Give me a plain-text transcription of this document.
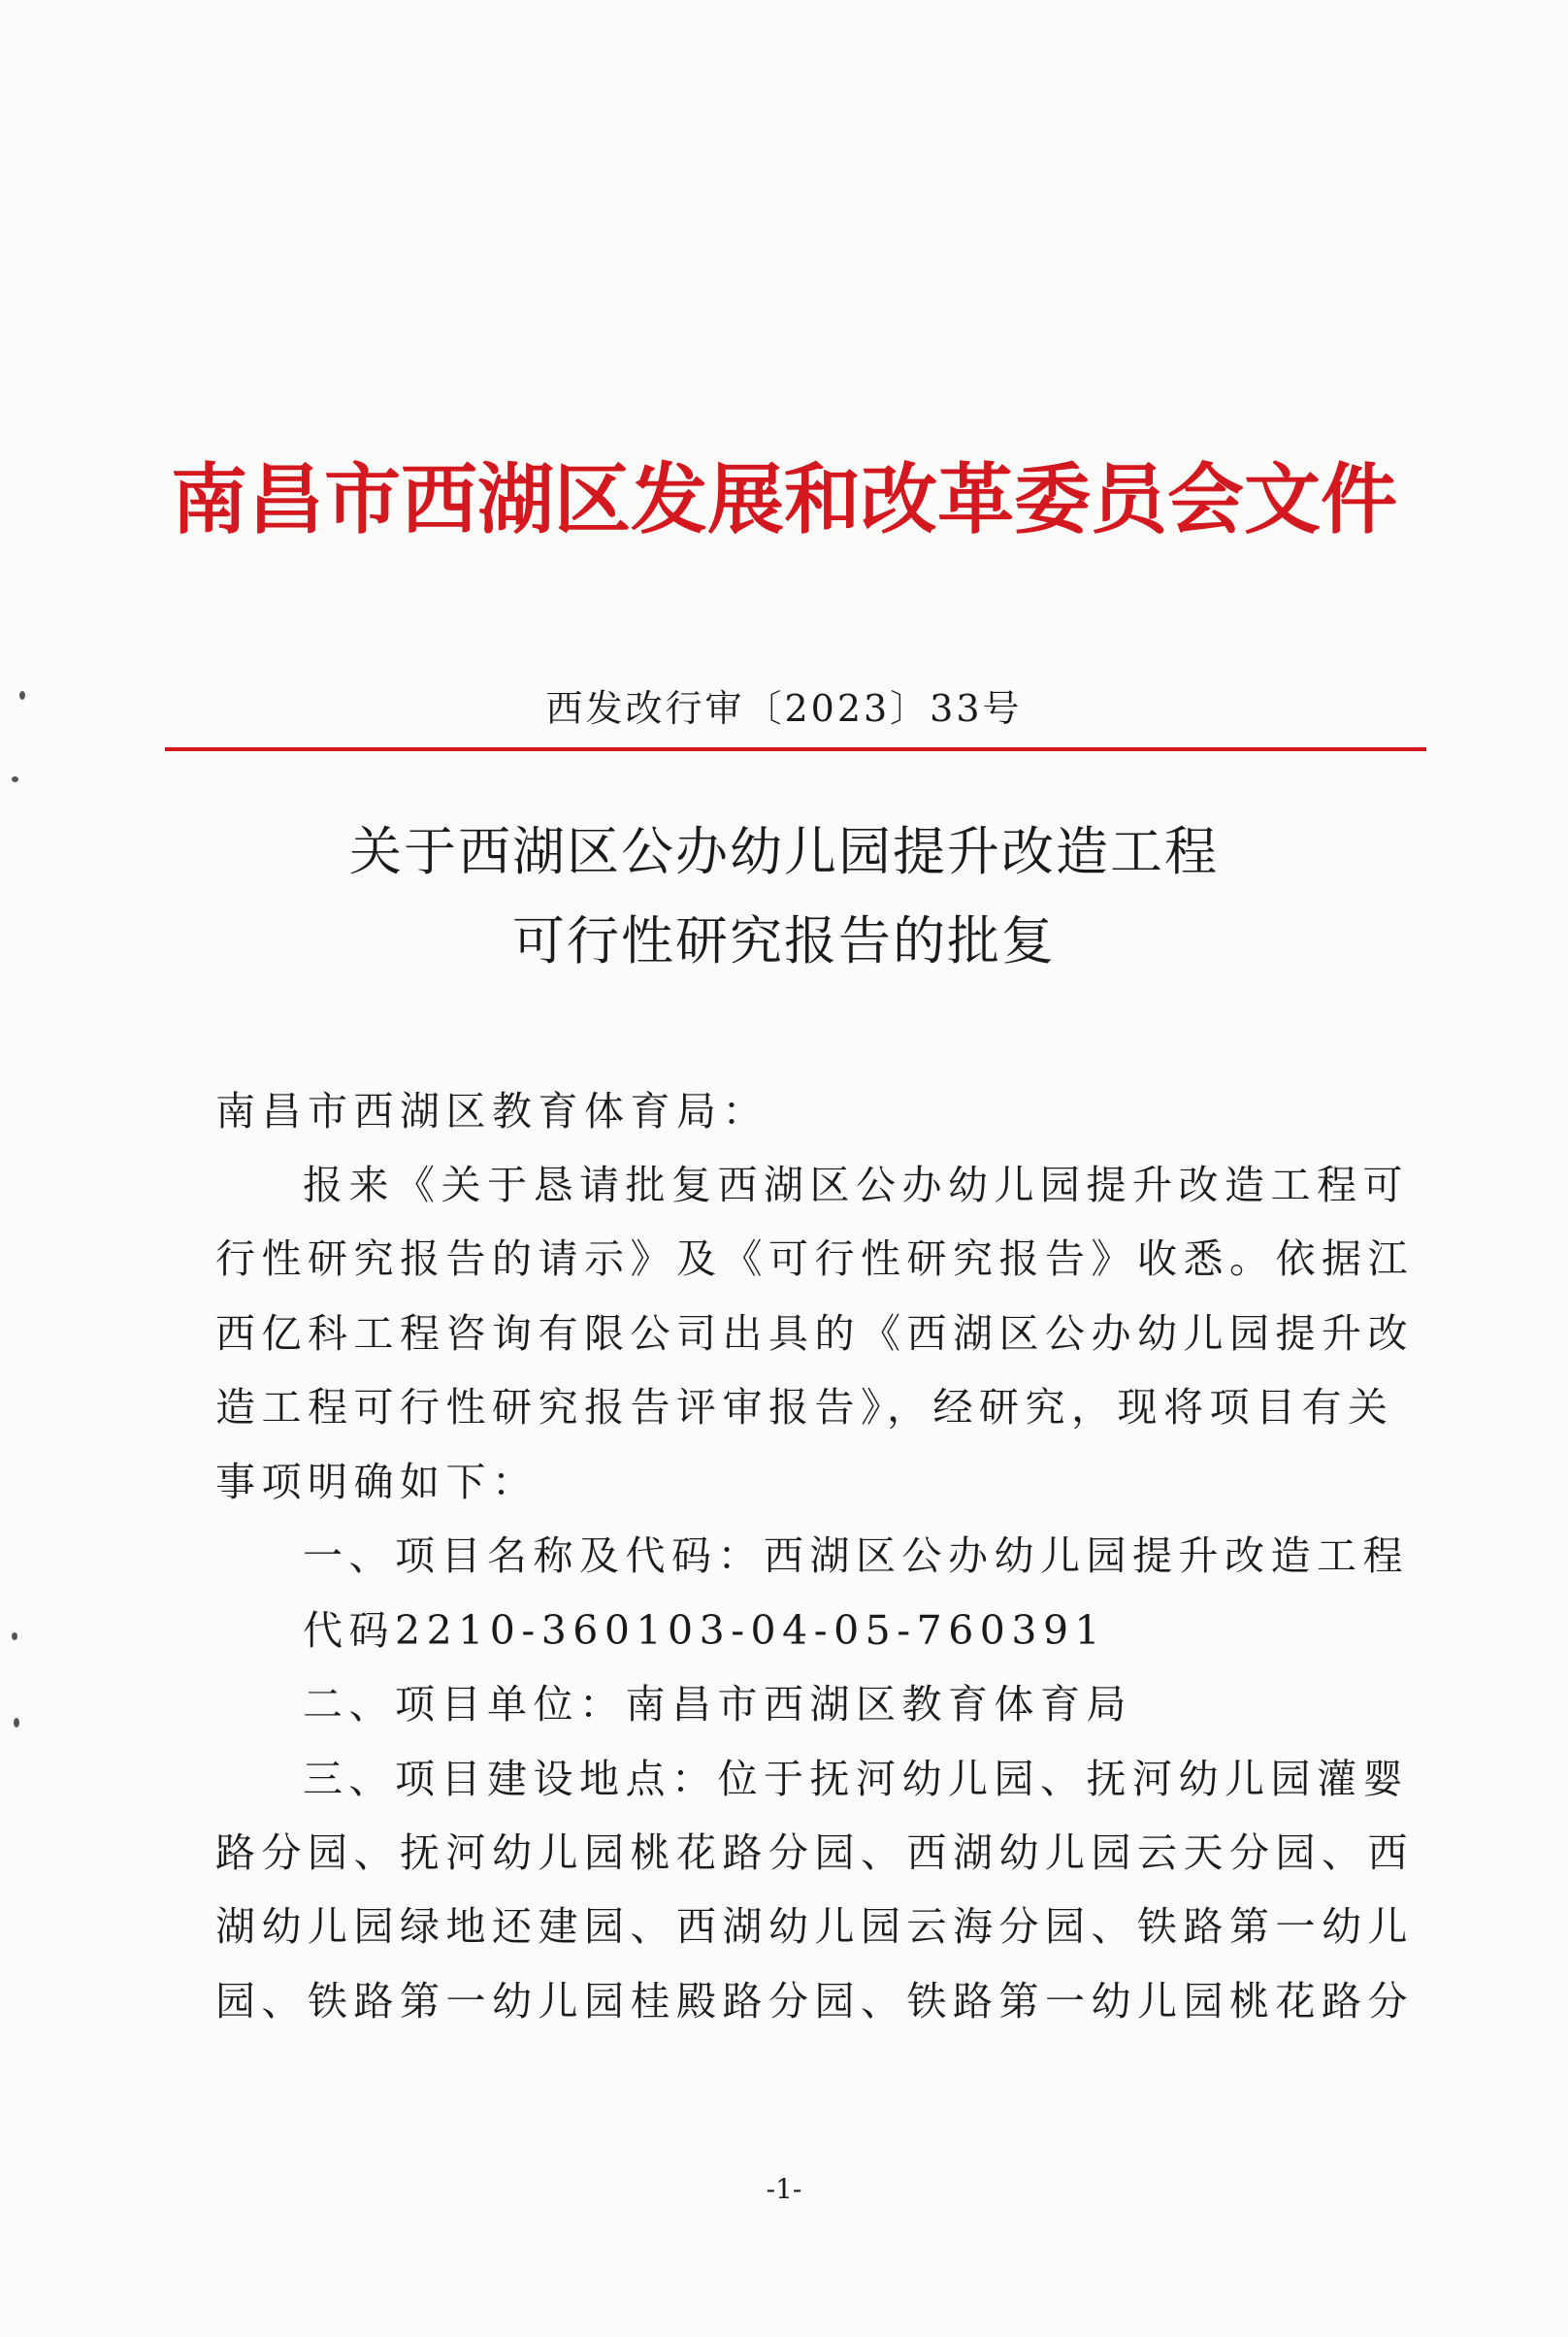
南昌市西湖区发展和改革委员会文件
西发改行审〔2023〕33号
关于西湖区公办幼儿园提升改造工程
可行性研究报告的批复
南昌市西湖区教育体育局：
报来《关于恳请批复西湖区公办幼儿园提升改造工程可
行性研究报告的请示》及《可行性研究报告》收悉。依据江
西亿科工程咨询有限公司出具的《西湖区公办幼儿园提升改
造工程可行性研究报告评审报告》，经研究，现将项目有关
事项明确如下：
一、项目名称及代码：西湖区公办幼儿园提升改造工程
代码2210-360103-04-05-760391
二、项目单位：南昌市西湖区教育体育局
三、项目建设地点：位于抚河幼儿园、抚河幼儿园灌婴
路分园、抚河幼儿园桃花路分园、西湖幼儿园云天分园、西
湖幼儿园绿地还建园、西湖幼儿园云海分园、铁路第一幼儿
园、铁路第一幼儿园桂殿路分园、铁路第一幼儿园桃花路分
-1-
